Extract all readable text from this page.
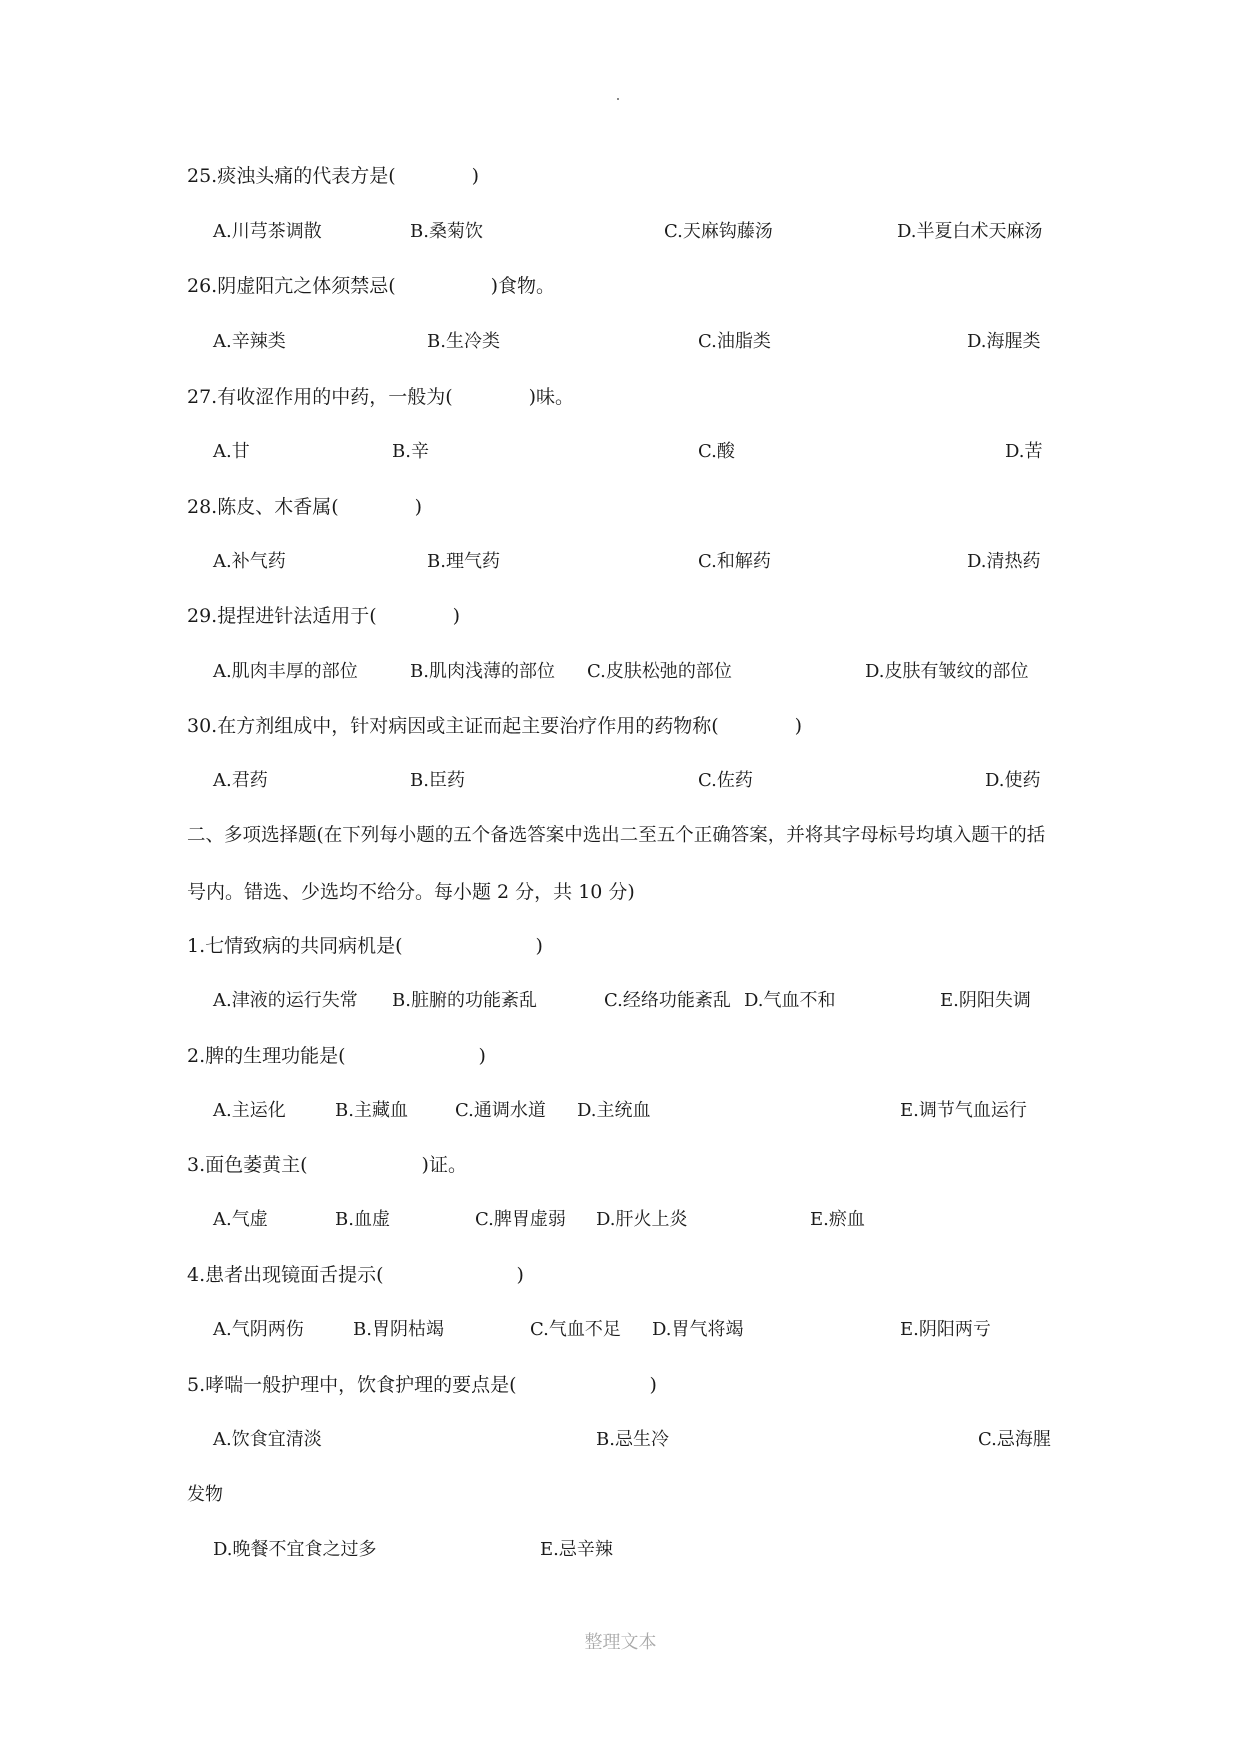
25.痰浊头痛的代表方是(　　　　)
A.川芎茶调散	B.桑菊饮	C.天麻钩藤汤	D.半夏白术天麻汤
26.阴虚阳亢之体须禁忌(　　　　　)食物。
A.辛辣类	B.生冷类	C.油脂类	D.海腥类
27.有收涩作用的中药，一般为(　　　　)味。
A.甘	B.辛	C.酸	D.苦
28.陈皮、木香属(　　　　)
A.补气药	B.理气药	C.和解药	D.清热药
29.提捏进针法适用于(　　　　)
A.肌肉丰厚的部位	B.肌肉浅薄的部位 C.皮肤松弛的部位	D.皮肤有皱纹的部位
30.在方剂组成中，针对病因或主证而起主要治疗作用的药物称(　　　　)
A.君药	B.臣药	C.佐药	D.使药
二、多项选择题(在下列每小题的五个备选答案中选出二至五个正确答案，并将其字母标号均填入题干的括
号内。错选、少选均不给分。每小题 2 分，共 10 分)
1.七情致病的共同病机是(　　　　　　　)
A.津液的运行失常 B.脏腑的功能紊乱	C.经络功能紊乱 D.气血不和	E.阴阳失调
2.脾的生理功能是(　　　　　　　)
A.主运化	B.主藏血	C.通调水道 D.主统血	E.调节气血运行
3.面色萎黄主(　　　　　　)证。
A.气虚	B.血虚	C.脾胃虚弱 D.肝火上炎	E.瘀血
4.患者出现镜面舌提示(　　　　　　　)
A.气阴两伤	B.胃阴枯竭	C.气血不足 D.胃气将竭	E.阴阳两亏
5.哮喘一般护理中，饮食护理的要点是(　　　　　　　)
A.饮食宜清淡	B.忌生冷	C.忌海腥
发物
D.晚餐不宜食之过多	E.忌辛辣
整理文本
